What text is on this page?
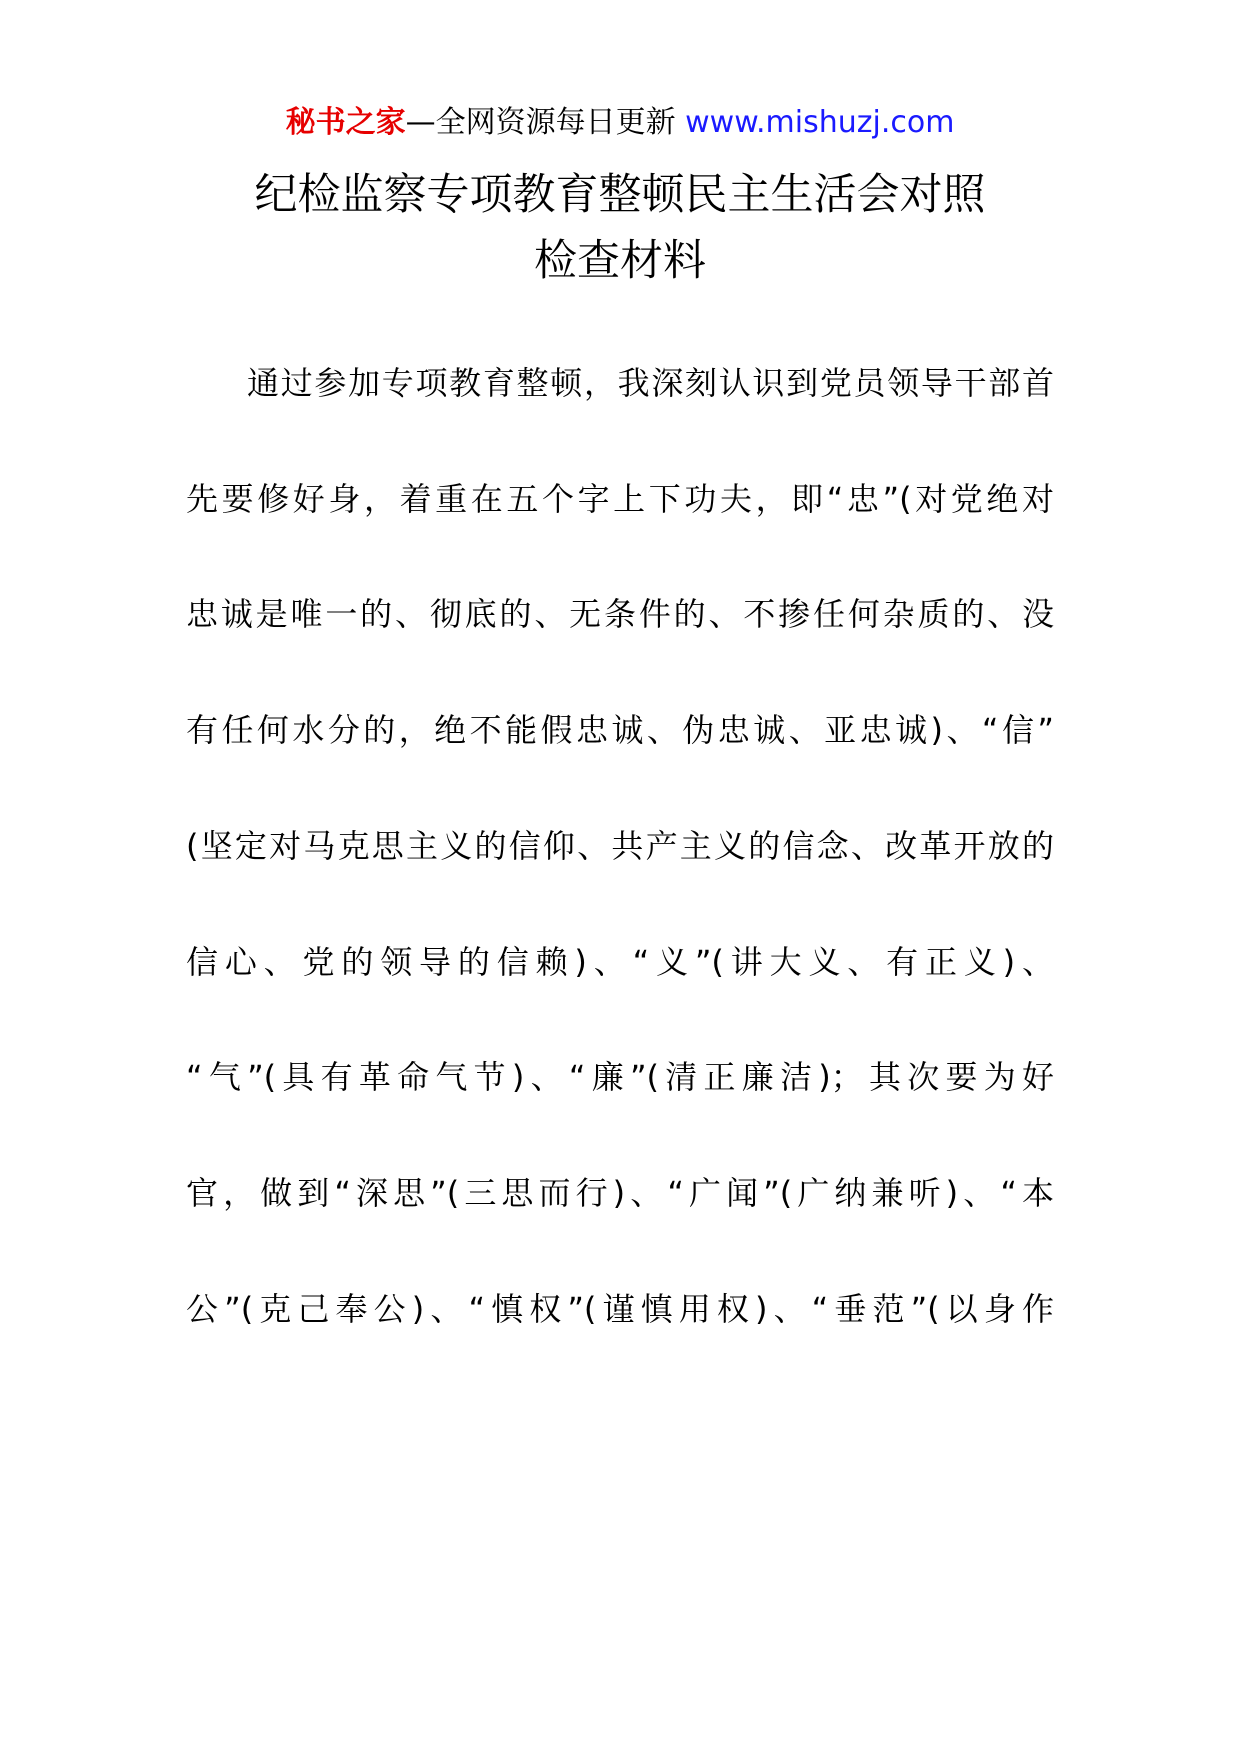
秘书之家—全网资源每日更新 www.mishuzj.com
纪检监察专项教育整顿民主生活会对照
检查材料
通过参加专项教育整顿，我深刻认识到党员领导干部首
先要修好身，着重在五个字上下功夫，即“忠”(对党绝对
忠诚是唯一的、彻底的、无条件的、不掺任何杂质的、没
有任何水分的，绝不能假忠诚、伪忠诚、亚忠诚)、“信”
(坚定对马克思主义的信仰、共产主义的信念、改革开放的
信心、党的领导的信赖)、“义”(讲大义、有正义)、
“气”(具有革命气节)、“廉”(清正廉洁)；其次要为好
官，做到“深思”(三思而行)、“广闻”(广纳兼听)、“本
公”(克己奉公)、“慎权”(谨慎用权)、“垂范”(以身作
